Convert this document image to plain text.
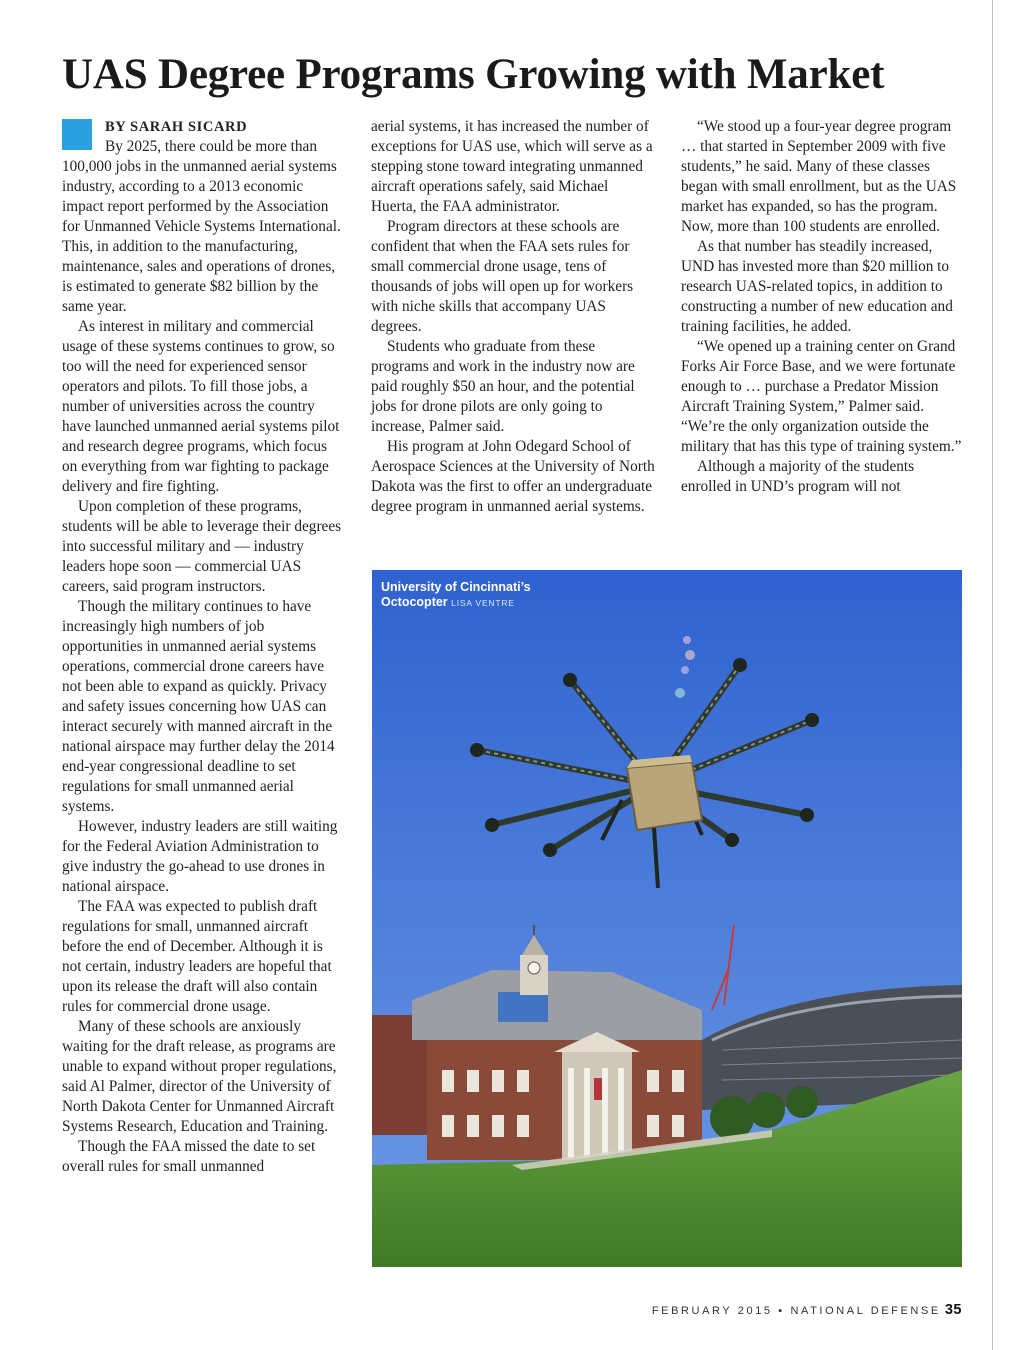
UAS Degree Programs Growing with Market
BY SARAH SICARD

By 2025, there could be more than 100,000 jobs in the unmanned aerial systems industry, according to a 2013 economic impact report performed by the Association for Unmanned Vehicle Systems International. This, in addition to the manufacturing, maintenance, sales and operations of drones, is estimated to generate $82 billion by the same year.

As interest in military and commercial usage of these systems continues to grow, so too will the need for experienced sensor operators and pilots. To fill those jobs, a number of universities across the country have launched unmanned aerial systems pilot and research degree programs, which focus on everything from war fighting to package delivery and fire fighting.

Upon completion of these programs, students will be able to leverage their degrees into successful military and — industry leaders hope soon — commercial UAS careers, said program instructors.

Though the military continues to have increasingly high numbers of job opportunities in unmanned aerial systems operations, commercial drone careers have not been able to expand as quickly. Privacy and safety issues concerning how UAS can interact securely with manned aircraft in the national airspace may further delay the 2014 end-year congressional deadline to set regulations for small unmanned aerial systems.

However, industry leaders are still waiting for the Federal Aviation Administration to give industry the go-ahead to use drones in national airspace.

The FAA was expected to publish draft regulations for small, unmanned aircraft before the end of December. Although it is not certain, industry leaders are hopeful that upon its release the draft will also contain rules for commercial drone usage.

Many of these schools are anxiously waiting for the draft release, as programs are unable to expand without proper regulations, said Al Palmer, director of the University of North Dakota Center for Unmanned Aircraft Systems Research, Education and Training.

Though the FAA missed the date to set overall rules for small unmanned

aerial systems, it has increased the number of exceptions for UAS use, which will serve as a stepping stone toward integrating unmanned aircraft operations safely, said Michael Huerta, the FAA administrator.

Program directors at these schools are confident that when the FAA sets rules for small commercial drone usage, tens of thousands of jobs will open up for workers with niche skills that accompany UAS degrees.

Students who graduate from these programs and work in the industry now are paid roughly $50 an hour, and the potential jobs for drone pilots are only going to increase, Palmer said.

His program at John Odegard School of Aerospace Sciences at the University of North Dakota was the first to offer an undergraduate degree program in unmanned aerial systems.

“We stood up a four-year degree program … that started in September 2009 with five students,” he said. Many of these classes began with small enrollment, but as the UAS market has expanded, so has the program. Now, more than 100 students are enrolled.

As that number has steadily increased, UND has invested more than $20 million to research UAS-related topics, in addition to constructing a number of new education and training facilities, he added.

“We opened up a training center on Grand Forks Air Force Base, and we were fortunate enough to … purchase a Predator Mission Aircraft Training System,” Palmer said. “We’re the only organization outside the military that has this type of training system.”

Although a majority of the students enrolled in UND’s program will not

University of Cincinnati’s
Octocopter LISA VENTRE
FEBRUARY 2015 ▪ NATIONAL DEFENSE 35
